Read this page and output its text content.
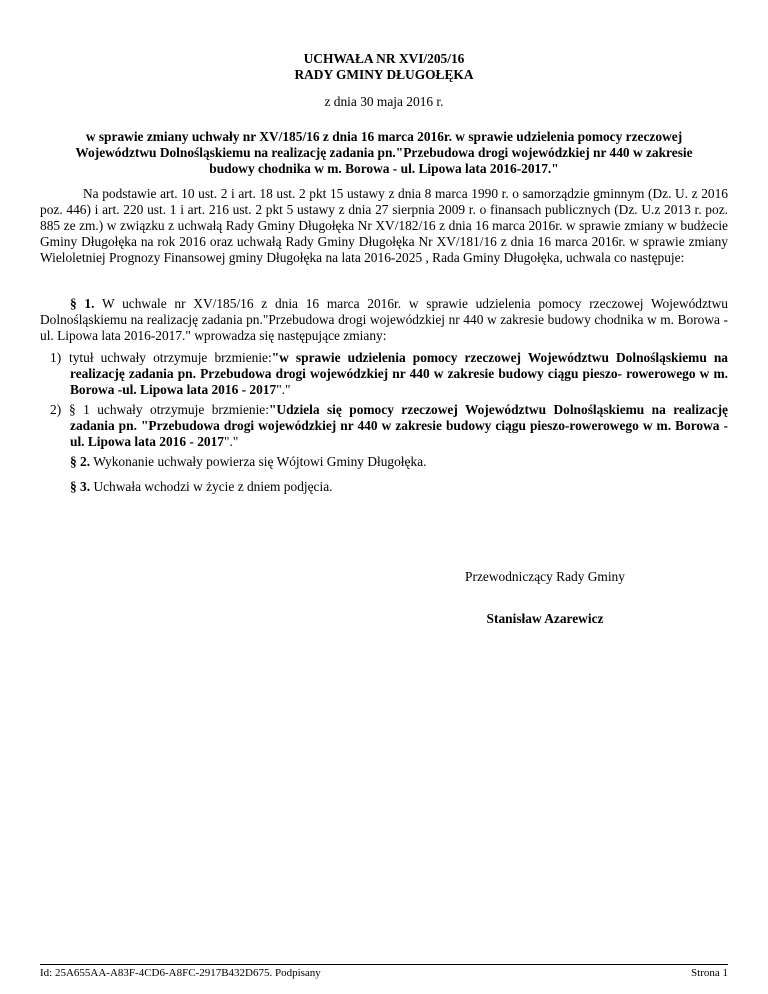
UCHWAŁA NR XVI/205/16
RADY GMINY DŁUGOŁĘKA
z dnia 30 maja 2016 r.
w sprawie zmiany uchwały nr XV/185/16 z dnia 16 marca 2016r. w sprawie udzielenia pomocy rzeczowej
Województwu Dolnośląskiemu na realizację zadania pn."Przebudowa drogi wojewódzkiej nr 440 w zakresie
budowy chodnika w m. Borowa - ul. Lipowa lata 2016-2017."
Na podstawie art. 10 ust. 2 i art. 18 ust. 2 pkt 15 ustawy z dnia 8 marca 1990 r. o samorządzie gminnym (Dz. U. z 2016 poz. 446) i art. 220 ust. 1 i art. 216 ust. 2 pkt 5 ustawy z dnia 27 sierpnia 2009 r. o finansach publicznych (Dz. U.z 2013 r. poz. 885 ze zm.) w związku z uchwałą Rady Gminy Długołęka Nr XV/182/16 z dnia 16 marca 2016r. w sprawie zmiany w budżecie Gminy Długołęka na rok 2016 oraz uchwałą Rady Gminy Długołęka Nr XV/181/16 z dnia 16 marca 2016r. w sprawie zmiany Wieloletniej Prognozy Finansowej gminy Długołęka na lata 2016-2025 , Rada Gminy Długołęka, uchwala co następuje:
§ 1. W uchwale nr XV/185/16 z dnia 16 marca 2016r. w sprawie udzielenia pomocy rzeczowej Województwu Dolnośląskiemu na realizację zadania pn."Przebudowa drogi wojewódzkiej nr 440 w zakresie budowy chodnika w m. Borowa - ul. Lipowa lata 2016-2017." wprowadza się następujące zmiany:
1) tytuł uchwały otrzymuje brzmienie:"w sprawie udzielenia pomocy rzeczowej Województwu Dolnośląskiemu na realizację zadania pn. Przebudowa drogi wojewódzkiej nr 440 w zakresie budowy ciągu pieszo- rowerowego w m. Borowa -ul. Lipowa lata 2016 - 2017"."
2) § 1 uchwały otrzymuje brzmienie:"Udziela się pomocy rzeczowej Województwu Dolnośląskiemu na realizację zadania pn. "Przebudowa drogi wojewódzkiej nr 440 w zakresie budowy ciągu pieszo-rowerowego w m. Borowa -ul. Lipowa lata 2016 - 2017"."
§ 2. Wykonanie uchwały powierza się Wójtowi Gminy Długołęka.
§ 3. Uchwała wchodzi w życie z dniem podjęcia.
Przewodniczący Rady Gminy
Stanisław Azarewicz
Id: 25A655AA-A83F-4CD6-A8FC-2917B432D675. Podpisany	Strona 1
